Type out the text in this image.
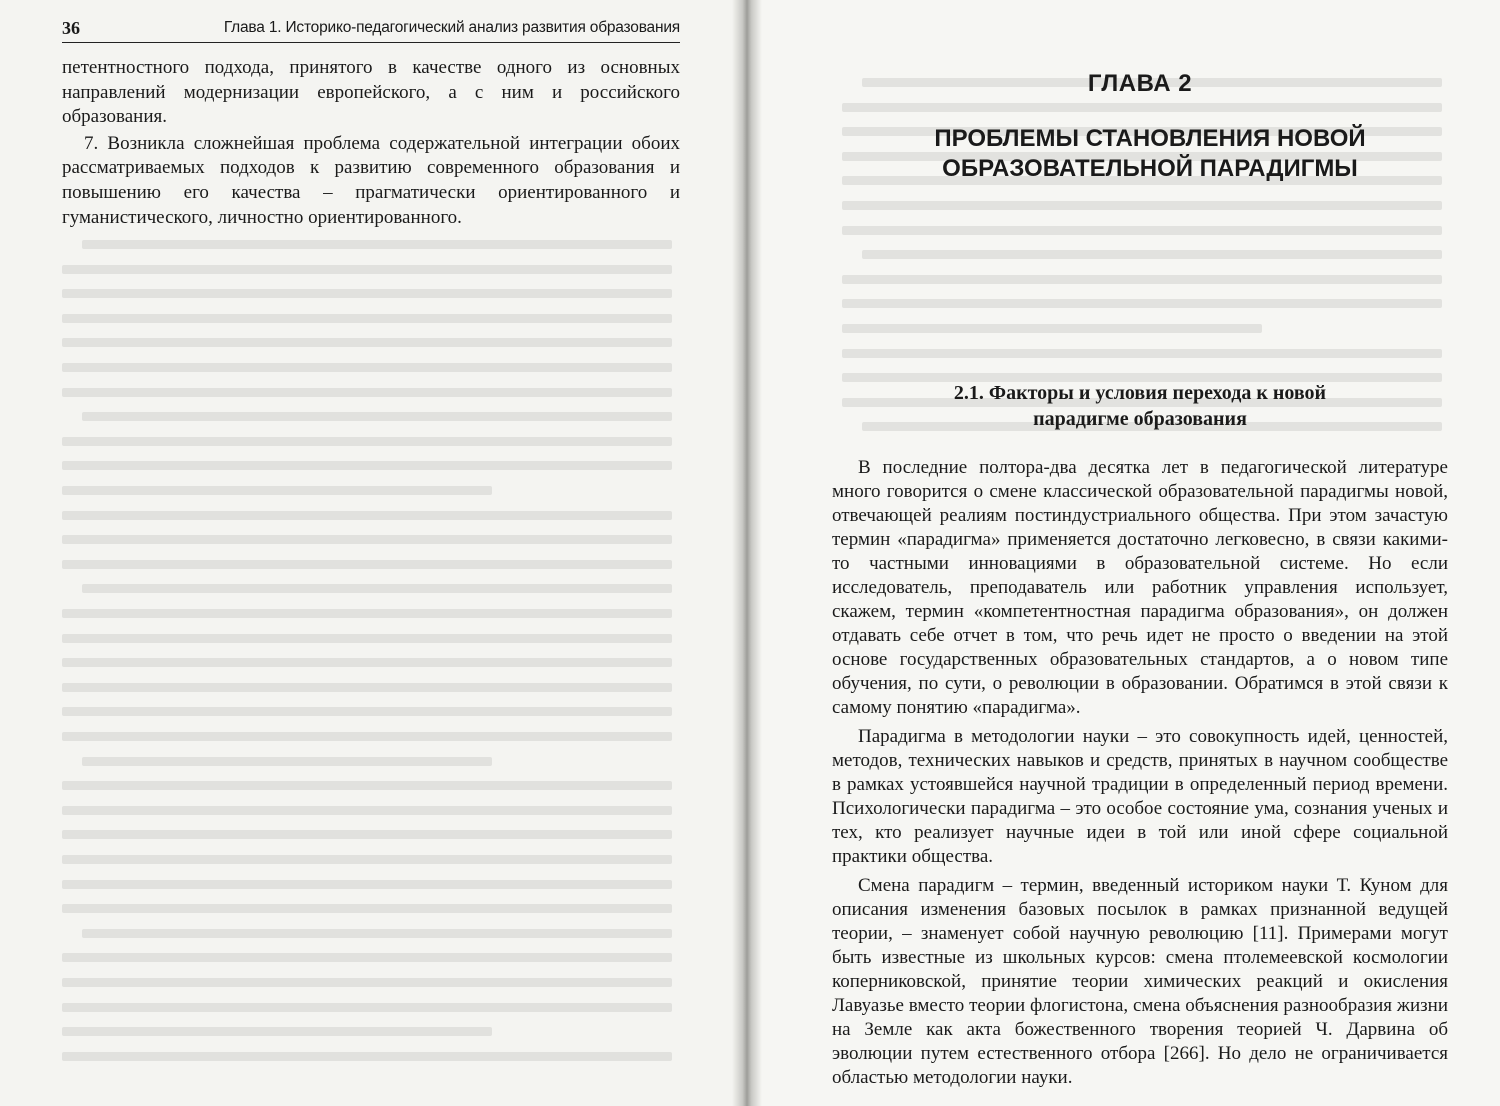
36	Глава 1. Историко-педагогический анализ развития образования

петентностного подхода, принятого в качестве одного из основных направлений модернизации европейского, а с ним и российского образования.

7. Возникла сложнейшая проблема содержательной интеграции обоих рассматриваемых подходов к развитию современного образования и повышению его качества – прагматически ориентированного и гуманистического, личностно ориентированного.

ГЛАВА 2
ПРОБЛЕМЫ СТАНОВЛЕНИЯ НОВОЙ ОБРАЗОВАТЕЛЬНОЙ ПАРАДИГМЫ
2.1. Факторы и условия перехода к новой парадигме образования

В последние полтора-два десятка лет в педагогической литературе много говорится о смене классической образовательной парадигмы новой, отвечающей реалиям постиндустриального общества. При этом зачастую термин «парадигма» применяется достаточно легковесно, в связи какими-то частными инновациями в образовательной системе. Но если исследователь, преподаватель или работник управления использует, скажем, термин «компетентностная парадигма образования», он должен отдавать себе отчет в том, что речь идет не просто о введении на этой основе государственных образовательных стандартов, а о новом типе обучения, по сути, о революции в образовании. Обратимся в этой связи к самому понятию «парадигма».

Парадигма в методологии науки – это совокупность идей, ценностей, методов, технических навыков и средств, принятых в научном сообществе в рамках устоявшейся научной традиции в определенный период времени. Психологически парадигма – это особое состояние ума, сознания ученых и тех, кто реализует научные идеи в той или иной сфере социальной практики общества.

Смена парадигм – термин, введенный историком науки Т. Куном для описания изменения базовых посылок в рамках признанной ведущей теории, – знаменует собой научную революцию [11]. Примерами могут быть известные из школьных курсов: смена птолемеевской космологии коперниковской, принятие теории химических реакций и окисления Лавуазье вместо теории флогистона, смена объяснения разнообразия жизни на Земле как акта божественного творения теорией Ч. Дарвина об эволюции путем естественного отбора [266]. Но дело не ограничивается областью методологии науки.
